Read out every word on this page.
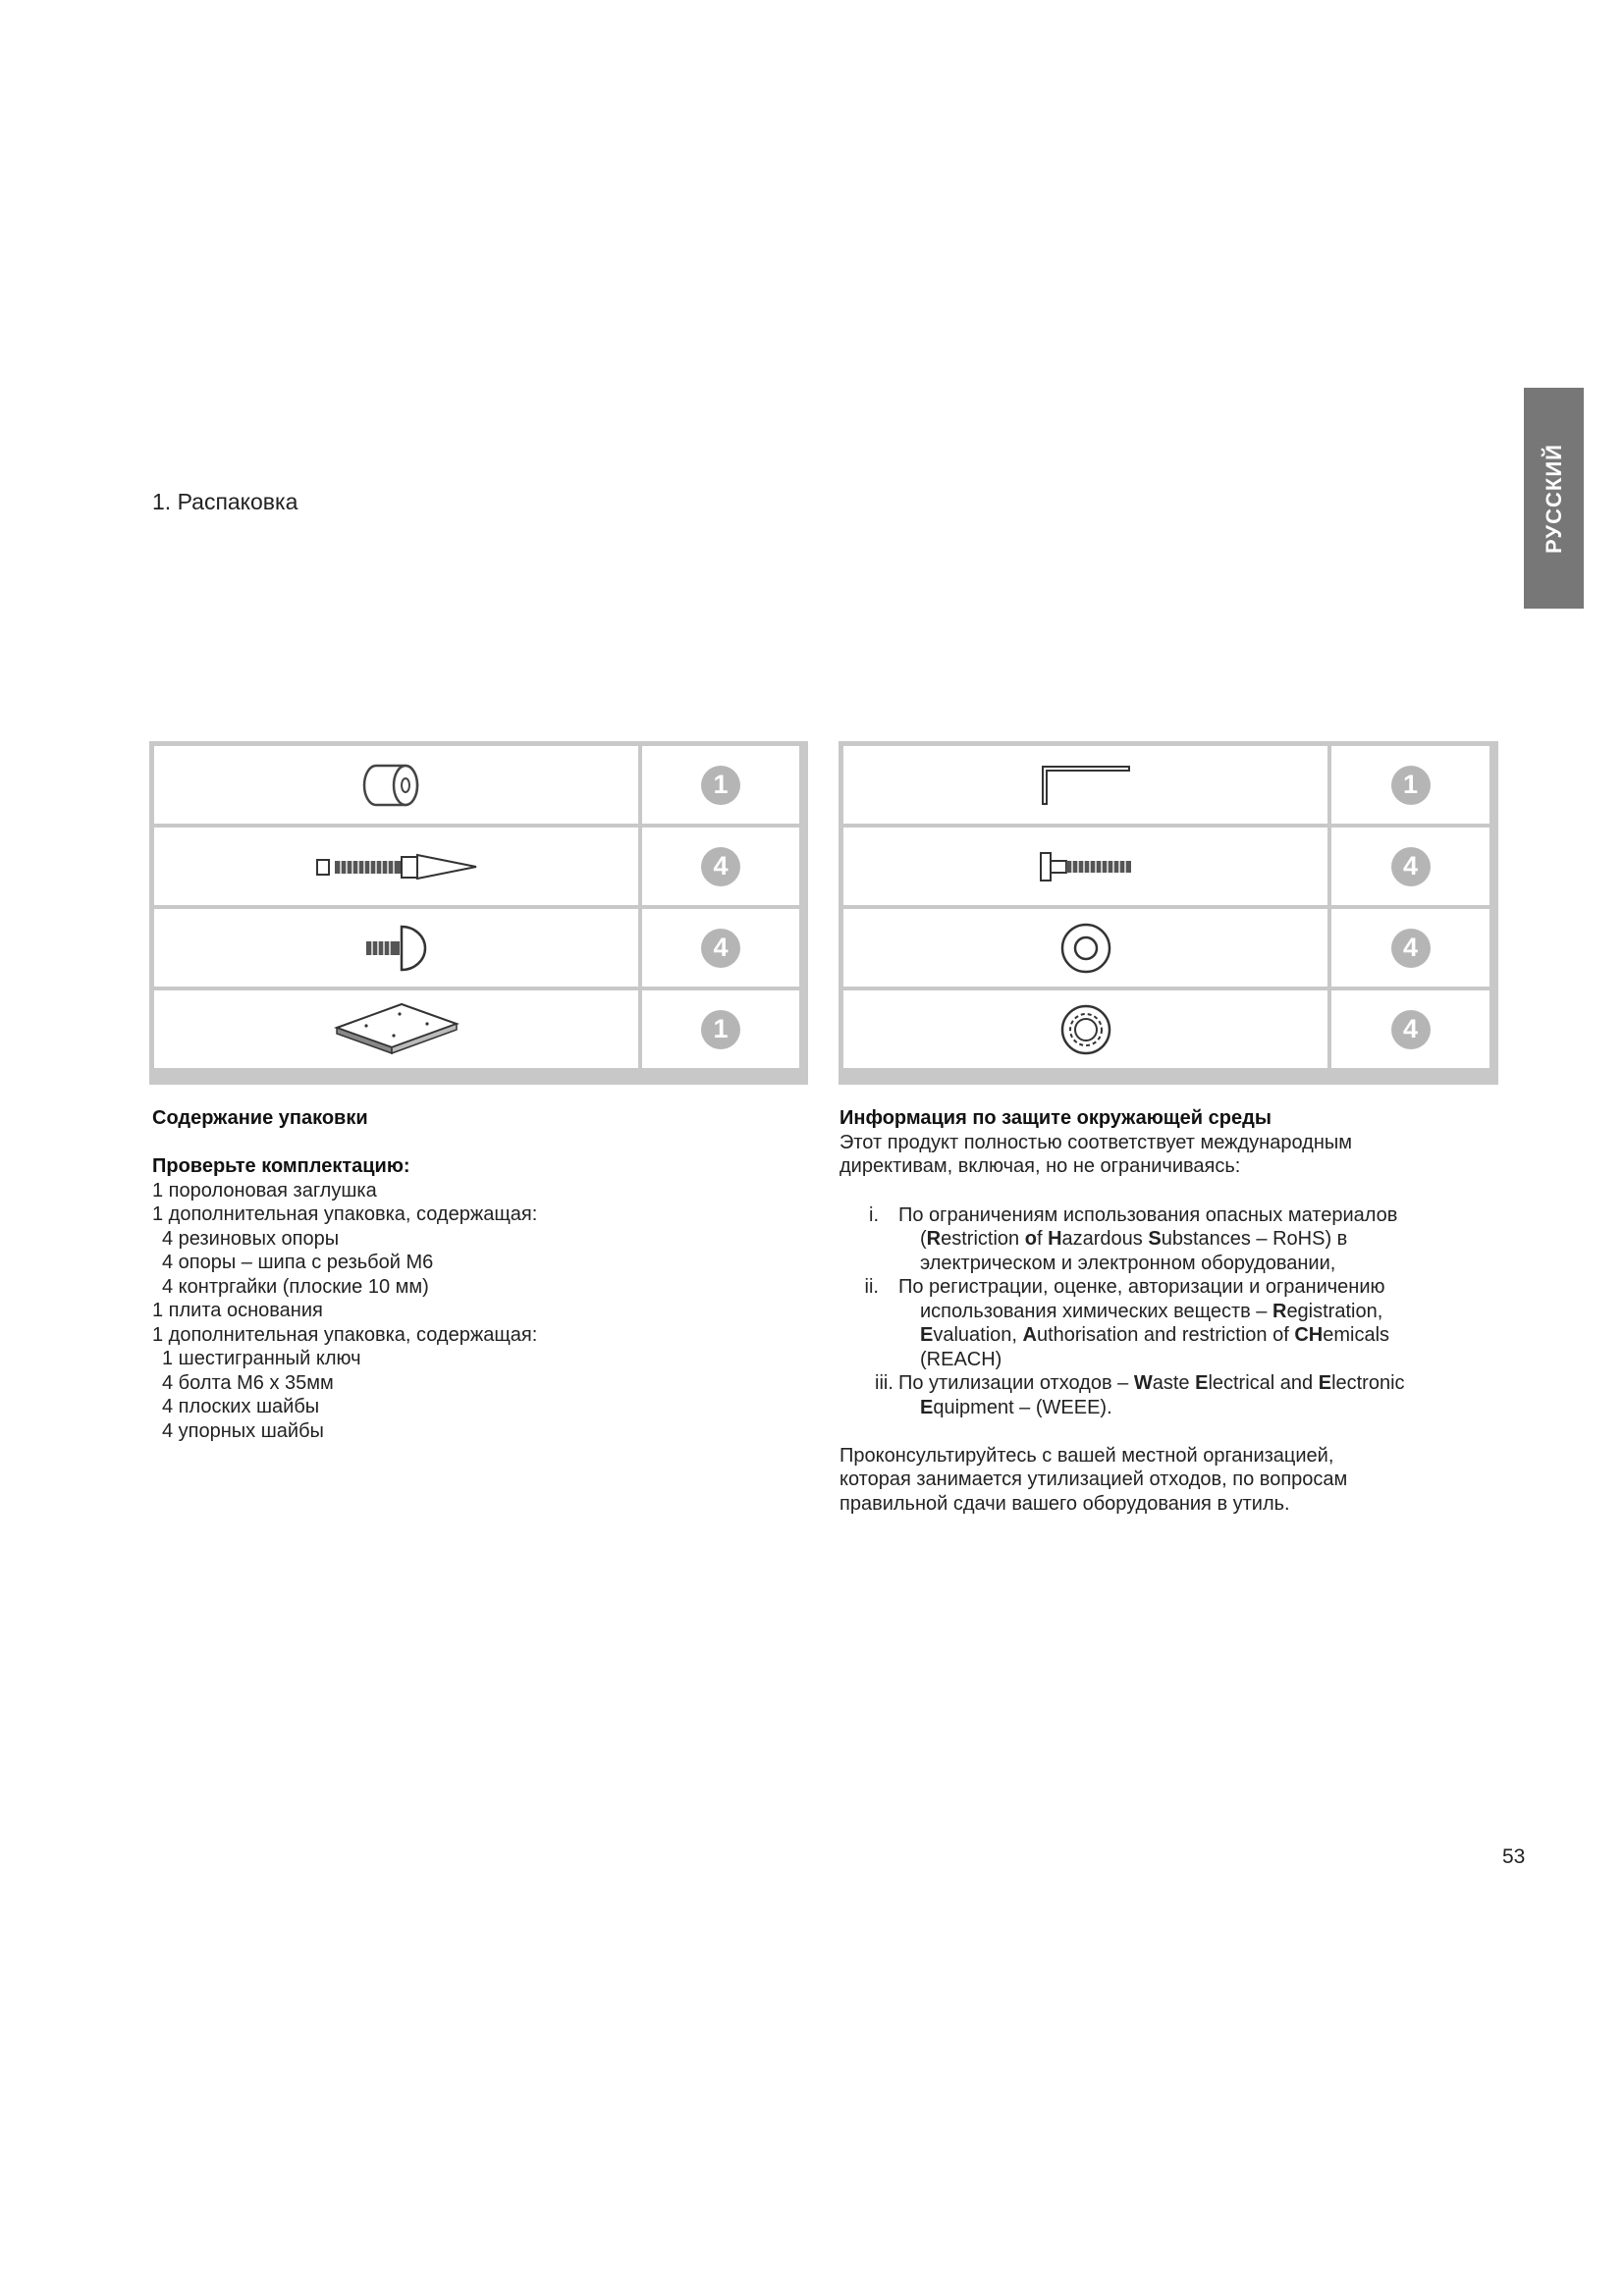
РУССКИЙ
1. Распаковка
1
4
4
1
1
4
4
4
Содержание упаковки
Проверьте комплектацию:
1 поролоновая заглушка
1 дополнительная упаковка, содержащая:
4 резиновых опоры
4 опоры – шипа с резьбой М6
4 контргайки (плоские 10 мм)
1 плита основания
1 дополнительная упаковка, содержащая:
1 шестигранный ключ
4 болта М6 х 35мм
4 плоских шайбы
4 упорных шайбы
Информация по защите окружающей среды
Этот продукт полностью соответствует международным
директивам, включая, но не ограничиваясь:
i. По ограничениям использования опасных материалов
(Restriction of Hazardous Substances – RoHS) в
электрическом и электронном оборудовании,
ii. По регистрации, оценке, авторизации и ограничению
использования химических веществ – Registration,
Evaluation, Authorisation and restriction of CHemicals
(REACH)
iii. По утилизации отходов – Waste Electrical and Electronic
Equipment – (WEEE).
Проконсультируйтесь с вашей местной организацией,
которая занимается утилизацией отходов, по вопросам
правильной сдачи вашего оборудования в утиль.
53
